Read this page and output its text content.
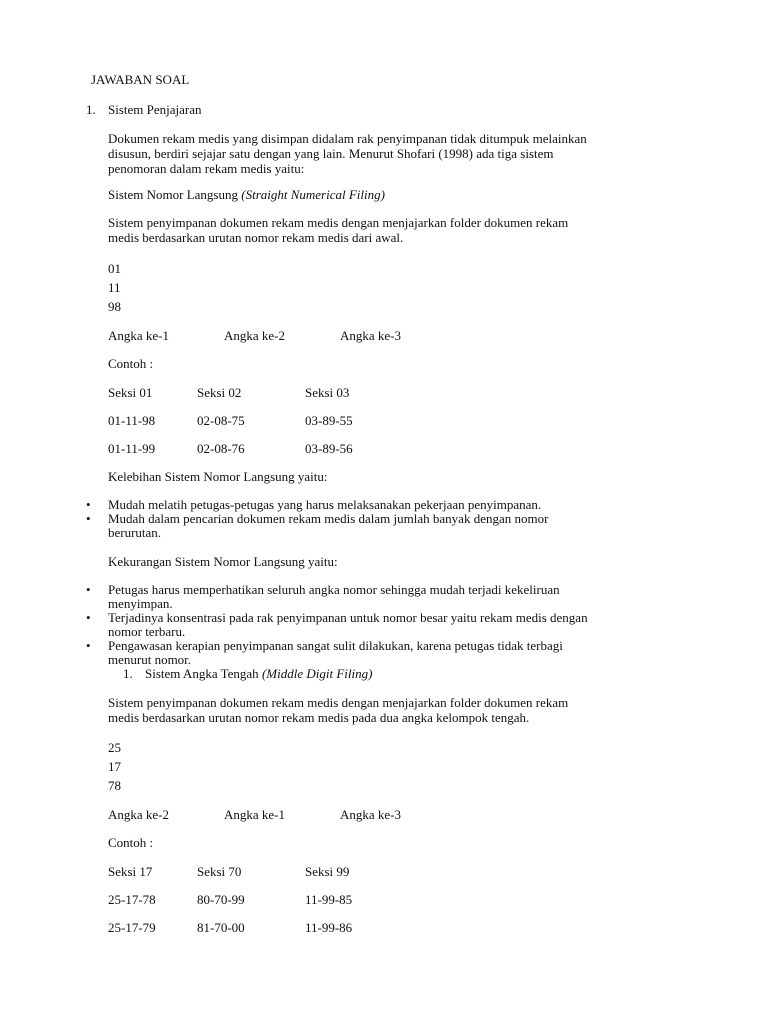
JAWABAN SOAL
1. Sistem Penjajaran
Dokumen rekam medis yang disimpan didalam rak penyimpanan tidak ditumpuk melainkan
disusun, berdiri sejajar satu dengan yang lain. Menurut Shofari (1998) ada tiga sistem
penomoran dalam rekam medis yaitu:
Sistem Nomor Langsung (Straight Numerical Filing)
Sistem penyimpanan dokumen rekam medis dengan menjajarkan folder dokumen rekam
medis berdasarkan urutan nomor rekam medis dari awal.
01
11
98
Angka ke-1	Angka ke-2	Angka ke-3
Contoh :
Seksi 01	Seksi 02	Seksi 03
01-11-98	02-08-75	03-89-55
01-11-99	02-08-76	03-89-56
Kelebihan Sistem Nomor Langsung yaitu:
• Mudah melatih petugas-petugas yang harus melaksanakan pekerjaan penyimpanan.
• Mudah dalam pencarian dokumen rekam medis dalam jumlah banyak dengan nomor
berurutan.
Kekurangan Sistem Nomor Langsung yaitu:
• Petugas harus memperhatikan seluruh angka nomor sehingga mudah terjadi kekeliruan
menyimpan.
• Terjadinya konsentrasi pada rak penyimpanan untuk nomor besar yaitu rekam medis dengan
nomor terbaru.
• Pengawasan kerapian penyimpanan sangat sulit dilakukan, karena petugas tidak terbagi
menurut nomor.
1. Sistem Angka Tengah (Middle Digit Filing)
Sistem penyimpanan dokumen rekam medis dengan menjajarkan folder dokumen rekam
medis berdasarkan urutan nomor rekam medis pada dua angka kelompok tengah.
25
17
78
Angka ke-2	Angka ke-1	Angka ke-3
Contoh :
Seksi 17	Seksi 70	Seksi 99
25-17-78	80-70-99	11-99-85
25-17-79	81-70-00	11-99-86
